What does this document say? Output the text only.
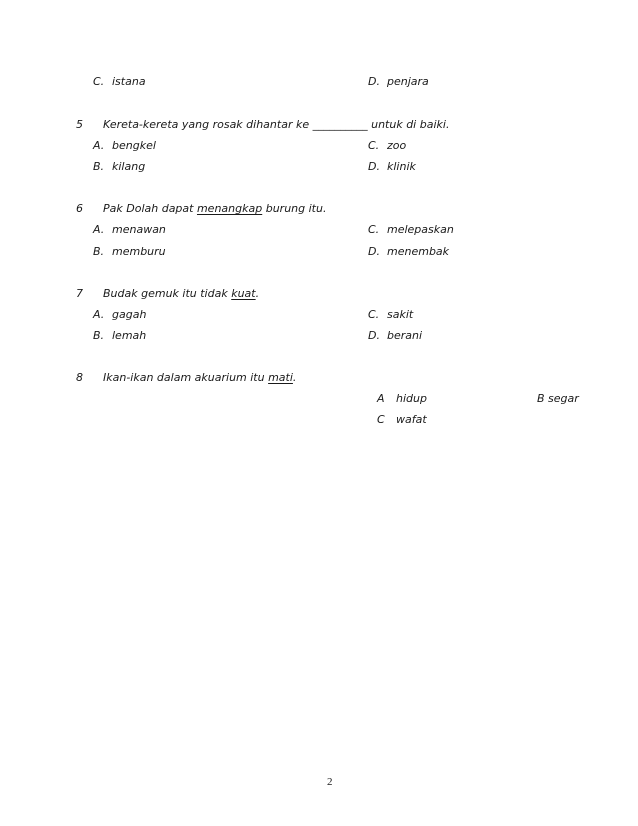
C. istana	D. penjara
5 Kereta-kereta yang rosak dihantar ke __________ untuk di baiki.
A. bengkel	C. zoo
B. kilang	D. klinik
6 Pak Dolah dapat menangkap burung itu.
A. menawan	C. melepaskan
B. memburu	D. menembak
7 Budak gemuk itu tidak kuat.
A. gagah	C. sakit
B. lemah	D. berani
8 Ikan-ikan dalam akuarium itu mati.
A hidup	B segar
C wafat
2
